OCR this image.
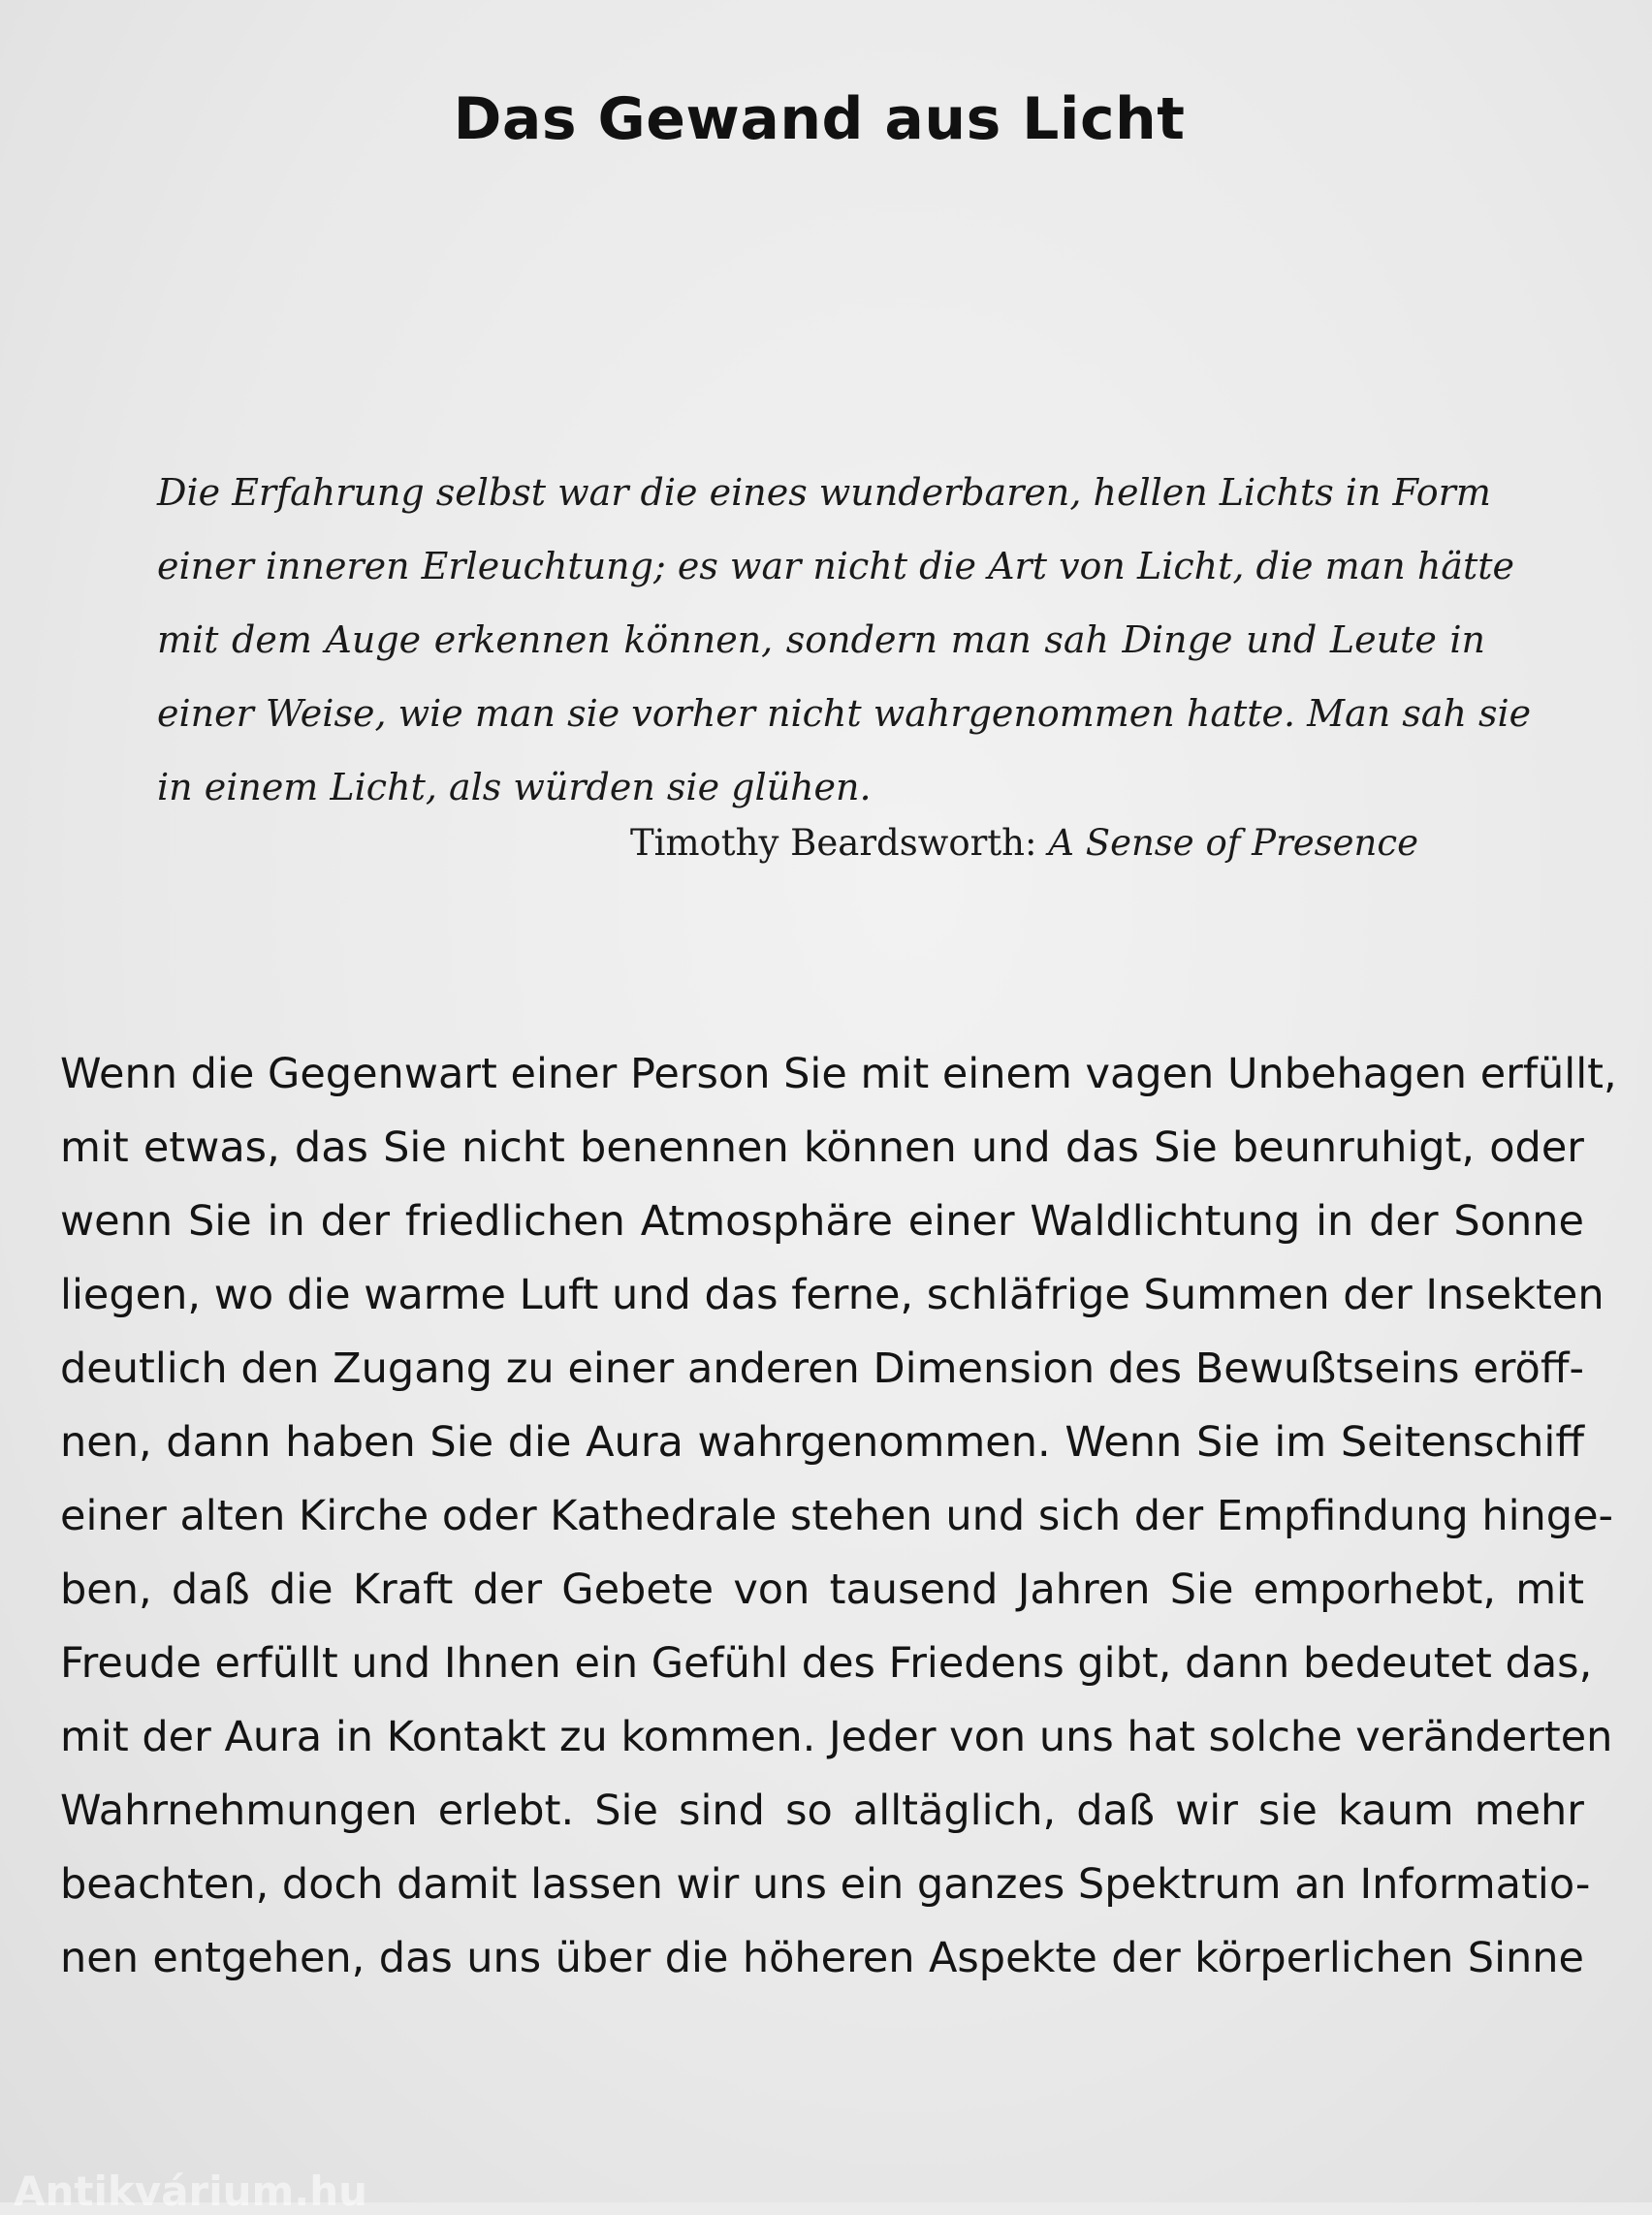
Das Gewand aus Licht

Die Erfahrung selbst war die eines wunderbaren, hellen Lichts in Form

einer inneren Erleuchtung; es war nicht die Art von Licht, die man hätte

mit dem Auge erkennen können, sondern man sah Dinge und Leute in

einer Weise, wie man sie vorher nicht wahrgenommen hatte. Man sah sie

in einem Licht, als würden sie glühen.

Timothy Beardsworth: A Sense of Presence

Wenn die Gegenwart einer Person Sie mit einem vagen Unbehagen erfüllt,

mit etwas, das Sie nicht benennen können und das Sie beunruhigt, oder

wenn Sie in der friedlichen Atmosphäre einer Waldlichtung in der Sonne

liegen, wo die warme Luft und das ferne, schläfrige Summen der Insekten

deutlich den Zugang zu einer anderen Dimension des Bewußtseins eröff-

nen, dann haben Sie die Aura wahrgenommen. Wenn Sie im Seitenschiff

einer alten Kirche oder Kathedrale stehen und sich der Empfindung hinge-

ben, daß die Kraft der Gebete von tausend Jahren Sie emporhebt, mit

Freude erfüllt und Ihnen ein Gefühl des Friedens gibt, dann bedeutet das,

mit der Aura in Kontakt zu kommen. Jeder von uns hat solche veränderten

Wahrnehmungen erlebt. Sie sind so alltäglich, daß wir sie kaum mehr

beachten, doch damit lassen wir uns ein ganzes Spektrum an Informatio-

nen entgehen, das uns über die höheren Aspekte der körperlichen Sinne

Antikvárium.hu
